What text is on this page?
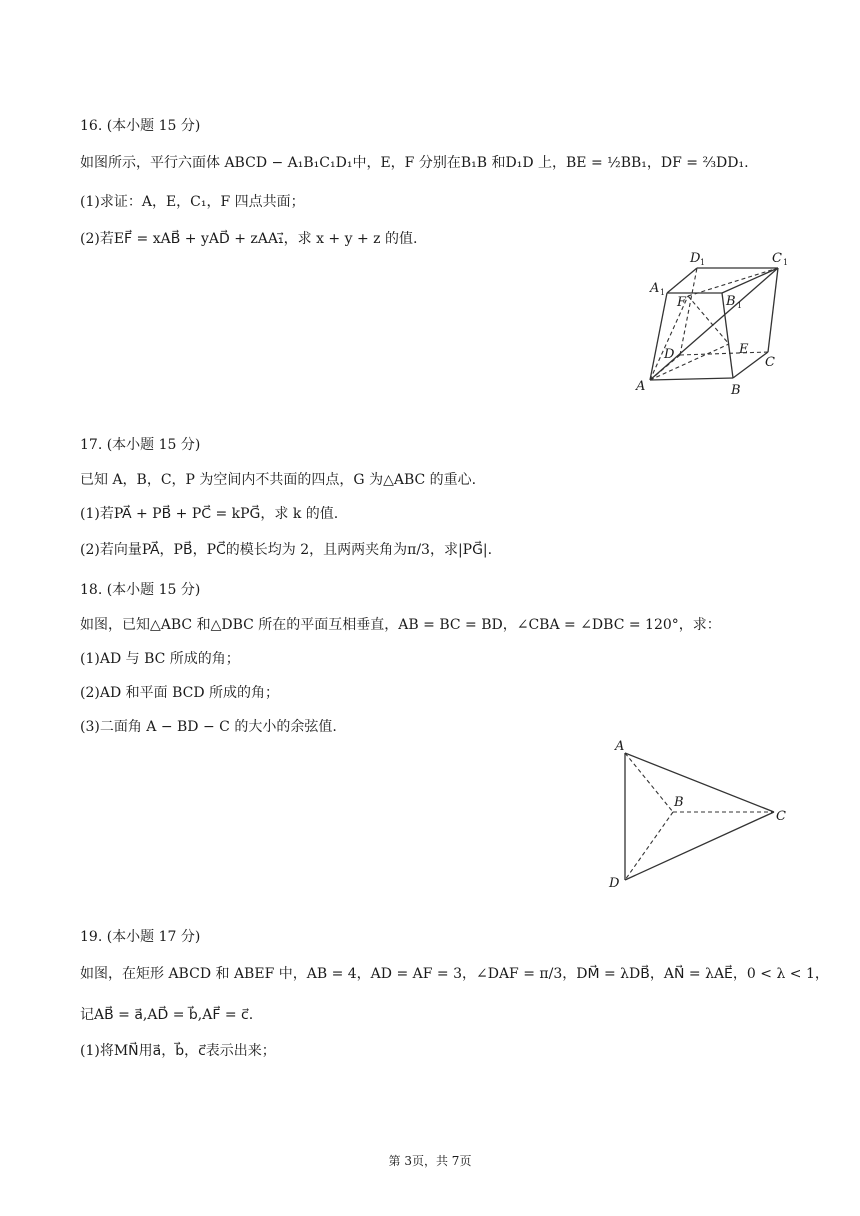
16. (本小题 15 分)
如图所示，平行六面体 ABCD − A₁B₁C₁D₁中，E，F 分别在B₁B 和D₁D 上，BE = ½BB₁，DF = ⅔DD₁.
(1)求证：A，E，C₁，F 四点共面；
(2)若EF⃗ = xAB⃗ + yAD⃗ + zAA₁⃗，求 x + y + z 的值.
D 1	C 1
A 1
F	B 1
D	E
C
A	B
17. (本小题 15 分)
已知 A，B，C，P 为空间内不共面的四点，G 为△ABC 的重心.
(1)若PA⃗ + PB⃗ + PC⃗ = kPG⃗，求 k 的值.
(2)若向量PA⃗，PB⃗，PC⃗的模长均为 2，且两两夹角为π/3，求|PG⃗|.
18. (本小题 15 分)
如图，已知△ABC 和△DBC 所在的平面互相垂直，AB = BC = BD，∠CBA = ∠DBC = 120°，求：
(1)AD 与 BC 所成的角；
(2)AD 和平面 BCD 所成的角；
(3)二面角 A − BD − C 的大小的余弦值.
A
B
C
D
19. (本小题 17 分)
如图，在矩形 ABCD 和 ABEF 中，AB = 4，AD = AF = 3，∠DAF = π/3，DM⃗ = λDB⃗，AN⃗ = λAE⃗，0 < λ < 1，
记AB⃗ = a⃗,AD⃗ = b⃗,AF⃗ = c⃗.
(1)将MN⃗用a⃗，b⃗，c⃗表示出来；
第 3页，共 7页
